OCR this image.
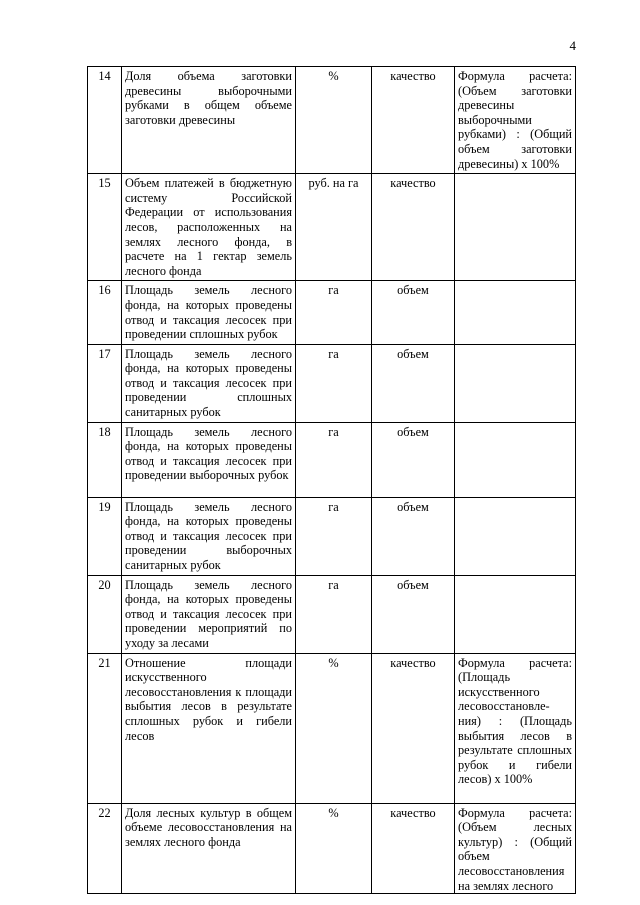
4
14	Доля объема заготовки древесины выборочными рубками в общем объеме заготовки древесины	%	качество	Формула расчета: (Объем заготовки древесины выборочными рубками) : (Общий объем заготовки древесины) х 100%
15	Объем платежей в бюджетную систему Российской Федерации от использования лесов, расположенных на землях лесного фонда, в расчете на 1 гектар земель лесного фонда	руб. на га	качество	
16	Площадь земель лесного фонда, на которых проведены отвод и таксация лесосек при проведении сплошных рубок	га	объем	
17	Площадь земель лесного фонда, на которых проведены отвод и таксация лесосек при проведении сплошных санитарных рубок	га	объем	
18	Площадь земель лесного фонда, на которых проведены отвод и таксация лесосек при проведении выборочных рубок	га	объем	
19	Площадь земель лесного фонда, на которых проведены отвод и таксация лесосек при проведении выборочных санитарных рубок	га	объем	
20	Площадь земель лесного фонда, на которых проведены отвод и таксация лесосек при проведении мероприятий по уходу за лесами	га	объем	
21	Отношение площади искусственного лесовосстановления к площади выбытия лесов в результате сплошных рубок и гибели лесов	%	качество	Формула расчета: (Площадь искусственного лесовосстановле-ния) : (Площадь выбытия лесов в результате сплошных рубок и гибели лесов) х 100%
22	Доля лесных культур в общем объеме лесовосстановления на землях лесного фонда	%	качество	Формула расчета: (Объем лесных культур) : (Общий объем лесовосстановления на землях лесного
